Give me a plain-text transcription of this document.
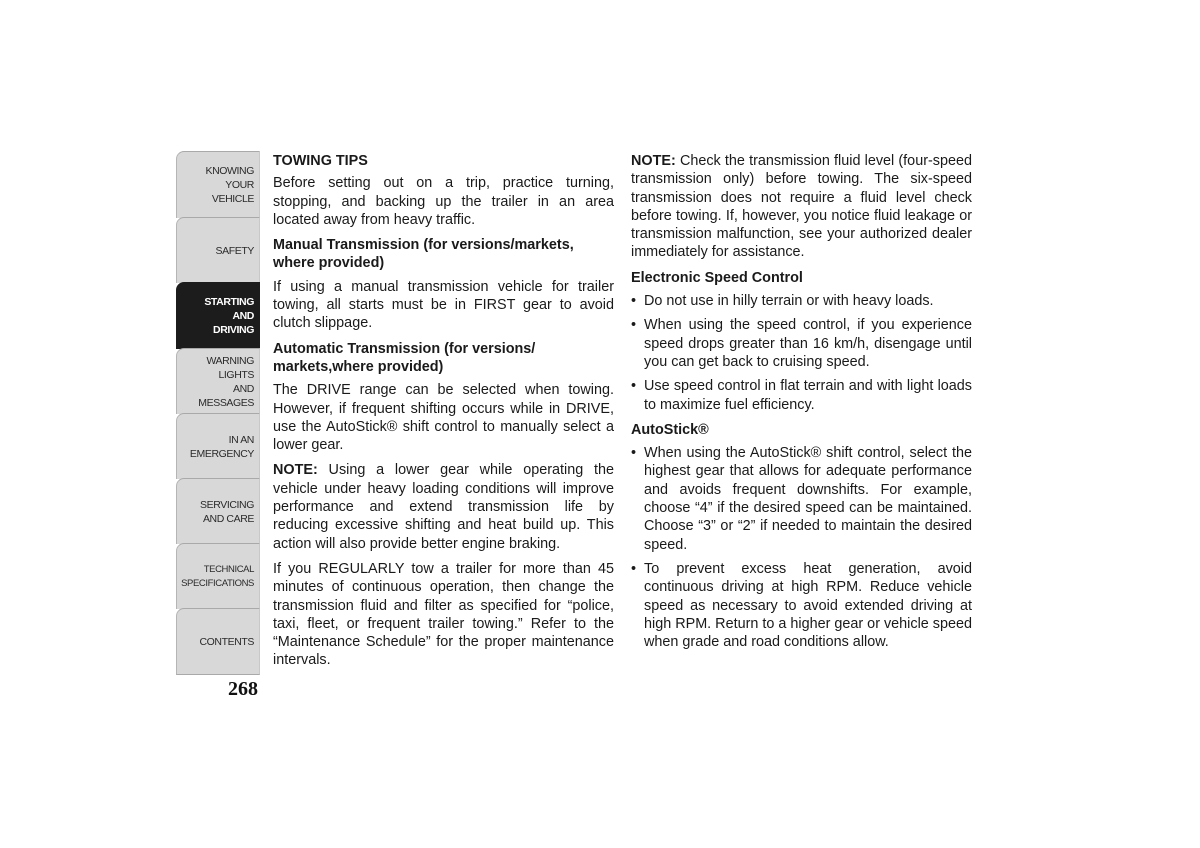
KNOWING
YOUR
VEHICLE
SAFETY
STARTING
AND
DRIVING
WARNING
LIGHTS
AND
MESSAGES
IN AN
EMERGENCY
SERVICING
AND CARE
TECHNICAL
SPECIFICATIONS
CONTENTS
268
TOWING TIPS

Before setting out on a trip, practice turning, stopping, and backing up the trailer in an area located away from heavy traffic.

Manual Transmission (for versions/markets, where provided)

If using a manual transmission vehicle for trailer towing, all starts must be in FIRST gear to avoid clutch slippage.

Automatic Transmission (for versions/ markets,where provided)

The DRIVE range can be selected when towing. However, if frequent shifting occurs while in DRIVE, use the AutoStick® shift control to manually select a lower gear.

NOTE: Using a lower gear while operating the vehicle under heavy loading conditions will improve performance and extend transmission life by reducing excessive shifting and heat build up. This action will also provide better engine braking.

If you REGULARLY tow a trailer for more than 45 minutes of continuous operation, then change the transmission fluid and filter as specified for “police, taxi, fleet, or frequent trailer towing.” Refer to the “Maintenance Schedule” for the proper maintenance intervals.

NOTE: Check the transmission fluid level (four-speed transmission only) before towing. The six-speed transmission does not require a fluid level check before towing. If, however, you notice fluid leakage or transmission malfunction, see your authorized dealer immediately for assistance.

Electronic Speed Control
• Do not use in hilly terrain or with heavy loads.
• When using the speed control, if you experience speed drops greater than 16 km/h, disengage until you can get back to cruising speed.
• Use speed control in flat terrain and with light loads to maximize fuel efficiency.
AutoStick®
• When using the AutoStick® shift control, select the highest gear that allows for adequate performance and avoids frequent downshifts. For example, choose “4” if the desired speed can be maintained. Choose “3” or “2” if needed to maintain the desired speed.
• To prevent excess heat generation, avoid continuous driving at high RPM. Reduce vehicle speed as necessary to avoid extended driving at high RPM. Return to a higher gear or vehicle speed when grade and road conditions allow.
